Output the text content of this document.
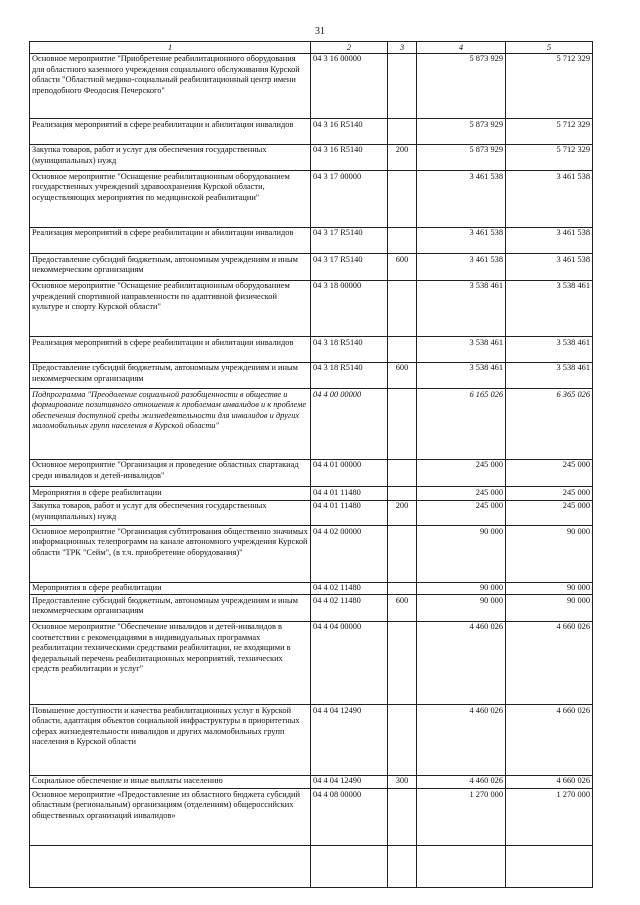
31
1	2	3	4	5
Основное мероприятие "Приобретение реабилитационного оборудования для областного казенного учреждения социального обслуживания Курской области "Областной медико-социальный реабилитационный центр имени преподобного Феодосия Печерского"	04 3 16 00000		5 873 929	5 712 329
Реализация мероприятий в сфере реабилитации и абилитации инвалидов	04 3 16 R5140		5 873 929	5 712 329
Закупка товаров, работ и услуг для обеспечения государственных (муниципальных) нужд	04 3 16 R5140	200	5 873 929	5 712 329
Основное мероприятие "Оснащение реабилитационным оборудованием государственных учреждений здравоохранения Курской области, осуществляющих мероприятия по медицинской реабилитации"	04 3 17 00000		3 461 538	3 461 538
Реализация мероприятий в сфере реабилитации и абилитации инвалидов	04 3 17 R5140		3 461 538	3 461 538
Предоставление субсидий бюджетным, автономным учреждениям и иным некоммерческим организациям	04 3 17 R5140	600	3 461 538	3 461 538
Основное мероприятие "Оснащение реабилитационным оборудованием учреждений спортивной направленности по адаптивной физической культуре и спорту Курской области"	04 3 18 00000		3 538 461	3 538 461
Реализация мероприятий в сфере реабилитации и абилитации инвалидов	04 3 18 R5140		3 538 461	3 538 461
Предоставление субсидий бюджетным, автономным учреждениям и иным некоммерческим организациям	04 3 18 R5140	600	3 538 461	3 538 461
Подпрограмма "Преодоление социальной разобщенности в обществе и формирование позитивного отношения к проблемам инвалидов и к проблеме обеспечения доступной среды жизнедеятельности для инвалидов и других маломобильных групп населения в Курской области"	04 4 00 00000		6 165 026	6 365 026
Основное мероприятие "Организация и проведение областных спартакиад среди инвалидов и детей-инвалидов"	04 4 01 00000		245 000	245 000
Мероприятия в сфере реабилитации	04 4 01 11480		245 000	245 000
Закупка товаров, работ и услуг для обеспечения государственных (муниципальных) нужд	04 4 01 11480	200	245 000	245 000
Основное мероприятие "Организация субтитрования общественно значимых информационных телепрограмм на канале автономного учреждения Курской области "ТРК "Сейм", (в т.ч. приобретение оборудования)"	04 4 02 00000		90 000	90 000
Мероприятия в сфере реабилитации	04 4 02 11480		90 000	90 000
Предоставление субсидий бюджетным, автономным учреждениям и иным некоммерческим организациям	04 4 02 11480	600	90 000	90 000
Основное мероприятие "Обеспечение инвалидов и детей-инвалидов в соответствии с рекомендациями в индивидуальных программах реабилитации техническими средствами реабилитации, не входящими в федеральный перечень реабилитационных мероприятий, технических средств реабилитации и услуг"	04 4 04 00000		4 460 026	4 660 026
Повышение доступности и качества реабилитационных услуг в Курской области, адаптация объектов социальной инфраструктуры в приоритетных сферах жизнедеятельности инвалидов и других маломобильных групп населения в Курской области	04 4 04 12490		4 460 026	4 660 026
Социальное обеспечение и иные выплаты населению	04 4 04 12490	300	4 460 026	4 660 026
Основное мероприятие «Предоставление из областного бюджета субсидий областным (региональным) организациям (отделениям) общероссийских общественных организаций инвалидов»	04 4 08 00000		1 270 000	1 270 000
